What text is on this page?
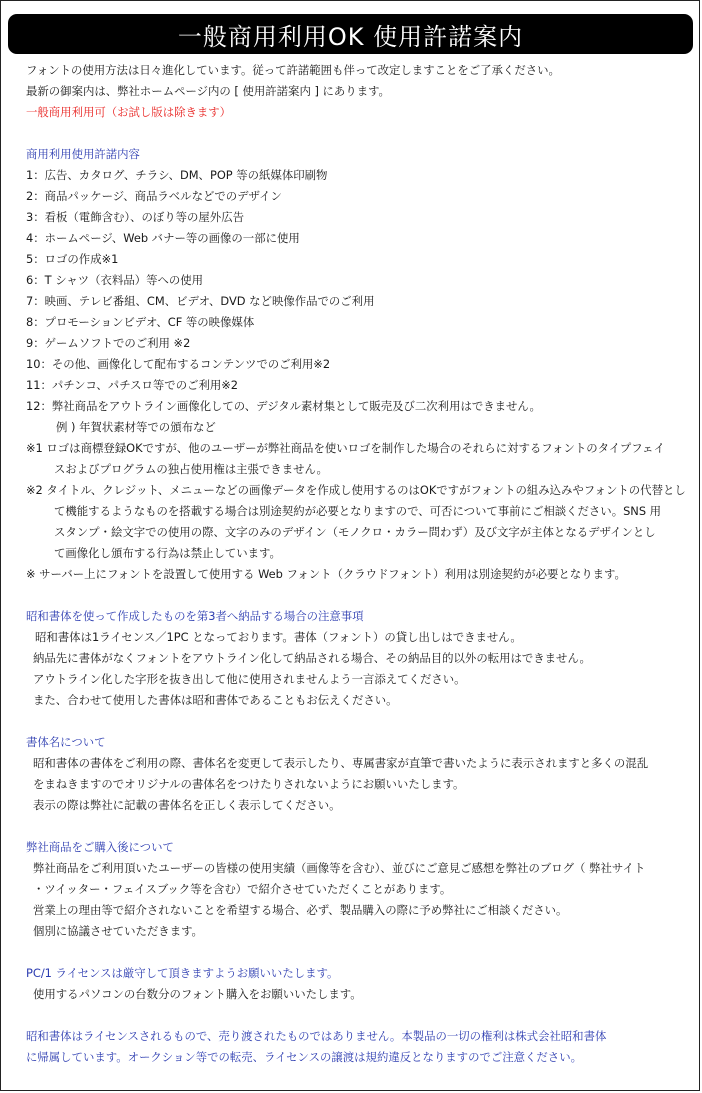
一般商用利用OK 使用許諾案内
フォントの使用方法は日々進化しています。従って許諾範囲も伴って改定しますことをご了承ください。
最新の御案内は、弊社ホームページ内の [ 使用許諾案内 ] にあります。
一般商用利用可（お試し版は除きます）
商用利用使用許諾内容
1：広告、カタログ、チラシ、DM、POP 等の紙媒体印刷物
2：商品パッケージ、商品ラベルなどでのデザイン
3：看板（電飾含む）、のぼり等の屋外広告
4：ホームページ、Web バナー等の画像の一部に使用
5：ロゴの作成※1
6：T シャツ（衣料品）等への使用
7：映画、テレビ番組、CM、ビデオ、DVD など映像作品でのご利用
8：プロモーションビデオ、CF 等の映像媒体
9：ゲームソフトでのご利用 ※2
10：その他、画像化して配布するコンテンツでのご利用※2
11：パチンコ、パチスロ等でのご利用※2
12：弊社商品をアウトライン画像化しての、デジタル素材集として販売及び二次利用はできません。
例 ) 年賀状素材等での頒布など
※1 ロゴは商標登録OKですが、他のユーザーが弊社商品を使いロゴを制作した場合のそれらに対するフォントのタイプフェイ
スおよびプログラムの独占使用権は主張できません。
※2 タイトル、クレジット、メニューなどの画像データを作成し使用するのはOKですがフォントの組み込みやフォントの代替とし
て機能するようなものを搭載する場合は別途契約が必要となりますので、可否について事前にご相談ください。SNS 用
スタンプ・絵文字での使用の際、文字のみのデザイン（モノクロ・カラー問わず）及び文字が主体となるデザインとし
て画像化し頒布する行為は禁止しています。
※ サーバー上にフォントを設置して使用する Web フォント（クラウドフォント）利用は別途契約が必要となります。
昭和書体を使って作成したものを第3者へ納品する場合の注意事項
昭和書体は1ライセンス／1PC となっております。書体（フォント）の貸し出しはできません。
納品先に書体がなくフォントをアウトライン化して納品される場合、その納品目的以外の転用はできません。
アウトライン化した字形を抜き出して他に使用されませんよう一言添えてください。
また、合わせて使用した書体は昭和書体であることもお伝えください。
書体名について
昭和書体の書体をご利用の際、書体名を変更して表示したり、専属書家が直筆で書いたように表示されますと多くの混乱
をまねきますのでオリジナルの書体名をつけたりされないようにお願いいたします。
表示の際は弊社に記載の書体名を正しく表示してください。
弊社商品をご購入後について
弊社商品をご利用頂いたユーザーの皆様の使用実績（画像等を含む）、並びにご意見ご感想を弊社のブログ（ 弊社サイト
・ツイッター・フェイスブック等を含む）で紹介させていただくことがあります。
営業上の理由等で紹介されないことを希望する場合、必ず、製品購入の際に予め弊社にご相談ください。
個別に協議させていただきます。
PC/1 ライセンスは厳守して頂きますようお願いいたします。
使用するパソコンの台数分のフォント購入をお願いいたします。
昭和書体はライセンスされるもので、売り渡されたものではありません。本製品の一切の権利は株式会社昭和書体
に帰属しています。オークション等での転売、ライセンスの譲渡は規約違反となりますのでご注意ください。
